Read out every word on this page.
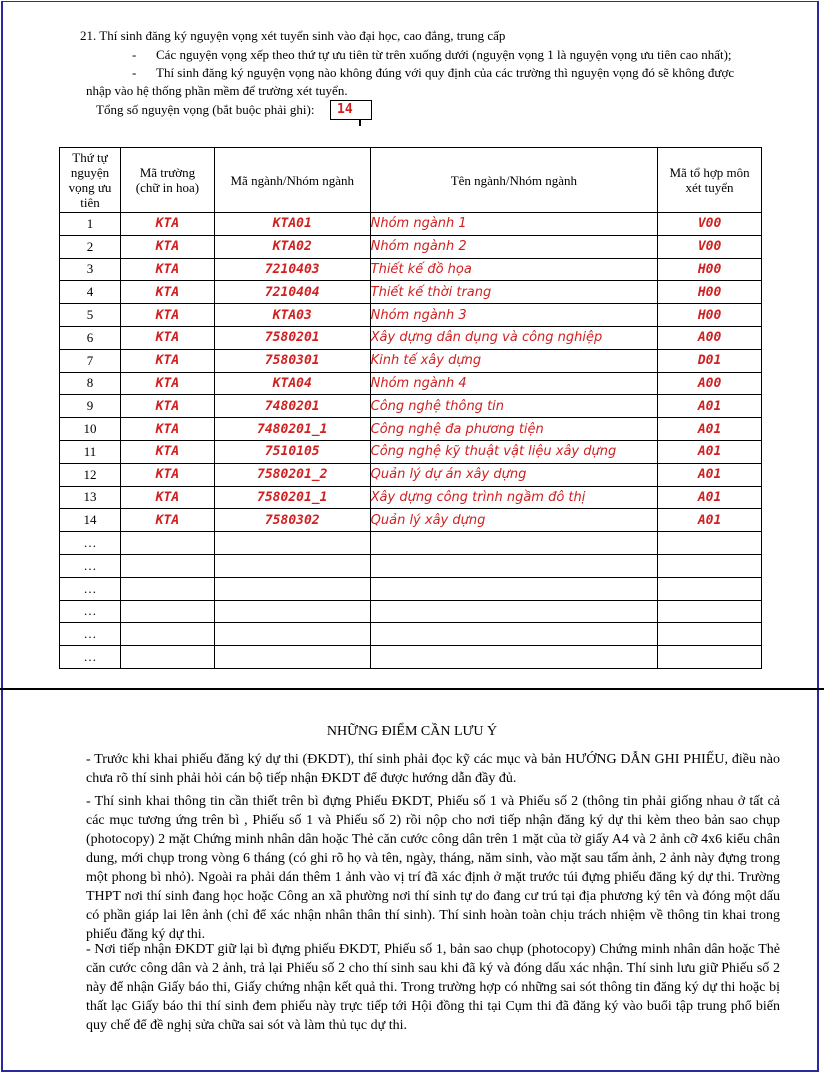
21. Thí sinh đăng ký nguyện vọng xét tuyển sinh vào đại học, cao đẳng, trung cấp
- Các nguyện vọng xếp theo thứ tự ưu tiên từ trên xuống dưới (nguyện vọng 1 là nguyện vọng ưu tiên cao nhất);
- Thí sinh đăng ký nguyện vọng nào không đúng với quy định của các trường thì nguyện vọng đó sẽ không được
nhập vào hệ thống phần mềm để trường xét tuyển.
Tổng số nguyện vọng (bắt buộc phải ghi):	14
Thứ tự nguyện vọng ưu tiên	Mã trường (chữ in hoa)	Mã ngành/Nhóm ngành	Tên ngành/Nhóm ngành	Mã tổ hợp môn xét tuyển
1	KTA	KTA01	Nhóm ngành 1	V00
2	KTA	KTA02	Nhóm ngành 2	V00
3	KTA	7210403	Thiết kế đồ họa	H00
4	KTA	7210404	Thiết kế thời trang	H00
5	KTA	KTA03	Nhóm ngành 3	H00
6	KTA	7580201	Xây dựng dân dụng và công nghiệp	A00
7	KTA	7580301	Kinh tế xây dựng	D01
8	KTA	KTA04	Nhóm ngành 4	A00
9	KTA	7480201	Công nghệ thông tin	A01
10	KTA	7480201_1	Công nghệ đa phương tiện	A01
11	KTA	7510105	Công nghệ kỹ thuật vật liệu xây dựng	A01
12	KTA	7580201_2	Quản lý dự án xây dựng	A01
13	KTA	7580201_1	Xây dựng công trình ngầm đô thị	A01
14	KTA	7580302	Quản lý xây dựng	A01
…				
…				
…				
…				
…				
…				
NHỮNG ĐIỂM CẦN LƯU Ý

- Trước khi khai phiếu đăng ký dự thi (ĐKDT), thí sinh phải đọc kỹ các mục và bản HƯỚNG DẪN GHI PHIẾU, điều nào chưa rõ thí sinh phải hỏi cán bộ tiếp nhận ĐKDT để được hướng dẫn đầy đủ.

- Thí sinh khai thông tin cần thiết trên bì đựng Phiếu ĐKDT, Phiếu số 1 và Phiếu số 2 (thông tin phải giống nhau ở tất cả các mục tương ứng trên bì , Phiếu số 1 và Phiếu số 2) rồi nộp cho nơi tiếp nhận đăng ký dự thi kèm theo bản sao chụp (photocopy) 2 mặt Chứng minh nhân dân hoặc Thẻ căn cước công dân trên 1 mặt của tờ giấy A4 và 2 ảnh cỡ 4x6 kiểu chân dung, mới chụp trong vòng 6 tháng (có ghi rõ họ và tên, ngày, tháng, năm sinh, vào mặt sau tấm ảnh, 2 ảnh này đựng trong một phong bì nhỏ). Ngoài ra phải dán thêm 1 ảnh vào vị trí đã xác định ở mặt trước túi đựng phiếu đăng ký dự thi. Trường THPT nơi thí sinh đang học hoặc Công an xã phường nơi thí sinh tự do đang cư trú tại địa phương ký tên và đóng một dấu có phần giáp lai lên ảnh (chỉ để xác nhận nhân thân thí sinh). Thí sinh hoàn toàn chịu trách nhiệm về thông tin khai trong phiếu đăng ký dự thi.

- Nơi tiếp nhận ĐKDT giữ lại bì đựng phiếu ĐKDT, Phiếu số 1, bản sao chụp (photocopy) Chứng minh nhân dân hoặc Thẻ căn cước công dân và 2 ảnh, trả lại Phiếu số 2 cho thí sinh sau khi đã ký và đóng dấu xác nhận. Thí sinh lưu giữ Phiếu số 2 này để nhận Giấy báo thi, Giấy chứng nhận kết quả thi. Trong trường hợp có những sai sót thông tin đăng ký dự thi hoặc bị thất lạc Giấy báo thi thí sinh đem phiếu này trực tiếp tới Hội đồng thi tại Cụm thi đã đăng ký vào buổi tập trung phổ biến quy chế để đề nghị sửa chữa sai sót và làm thủ tục dự thi.
